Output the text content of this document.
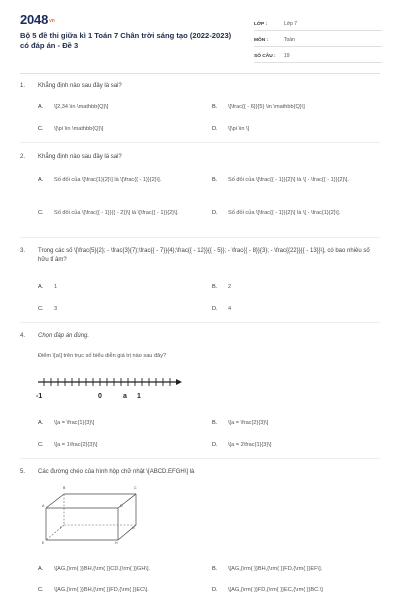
2048vn
Bộ 5 đề thi giữa kì 1 Toán 7 Chân trời sáng tạo (2022-2023) có đáp án - Đề 3
LỚP :	Lớp 7
MÔN :	Toán
SỐ CÂU :	19
1.	Khẳng định nào sau đây là sai?
A.	\[2,34 \in \mathbb{Q}\]	B.	\[\frac{{ - 6}}{5} \in \mathbb{Q}\]
C.	\[\pi \in \mathbb{Q}\]	D.	\[\pi \in \]
2.	Khẳng định nào sau đây là sai?
A.	Số đối của \[\frac{1}{2}\] là \[\frac{{ - 1}}{2}\].	B.	Số đối của \[\frac{{ - 1}}{2}\] là \[ - \frac{{ - 1}}{2}\].
C.	Số đối của \[\frac{{ - 1}}{{ - 2}}\] là \[\frac{{ - 1}}{2}\].	D.	Số đối của \[\frac{{ - 1}}{2}\] là \[ - \frac{1}{2}\].
3.	Trong các số \[\frac{5}{2}; - \frac{3}{7};\frac{{ - 7}}{4};\frac{{ - 12}}{{ - 5}}; - \frac{{ - 8}}{3}; - \frac{{22}}{{ - 13}}\], có bao nhiêu số hữu tỉ âm?
A.	1	B.	2
C.	3	D.	4
4.	Chọn đáp án đúng.
Điểm \[a\] trên trục số biểu diễn giá trị nào sau đây?
-1	0	a 1
A.	\[a = \frac{1}{3}\]	B.	\[a = \frac{2}{3}\]
C.	\[a = 1\frac{2}{3}\]	D.	\[a = 2\frac{1}{3}\]
5.	Các đường chéo của hình hộp chữ nhật \[ABCD.EFGH\] là
B	C
A	D
F	G
E	H
A.	\[AG,{\rm{ }}BH,{\rm{ }}CD,{\rm{ }}GH\].	B.	\[AG,{\rm{ }}BH,{\rm{ }}FD,{\rm{ }}EF\].
C.	\[AG,{\rm{ }}BH,{\rm{ }}FD,{\rm{ }}EC\].	D.	\[AG,{\rm{ }}FD,{\rm{ }}EC,{\rm{ }}BC.\]
